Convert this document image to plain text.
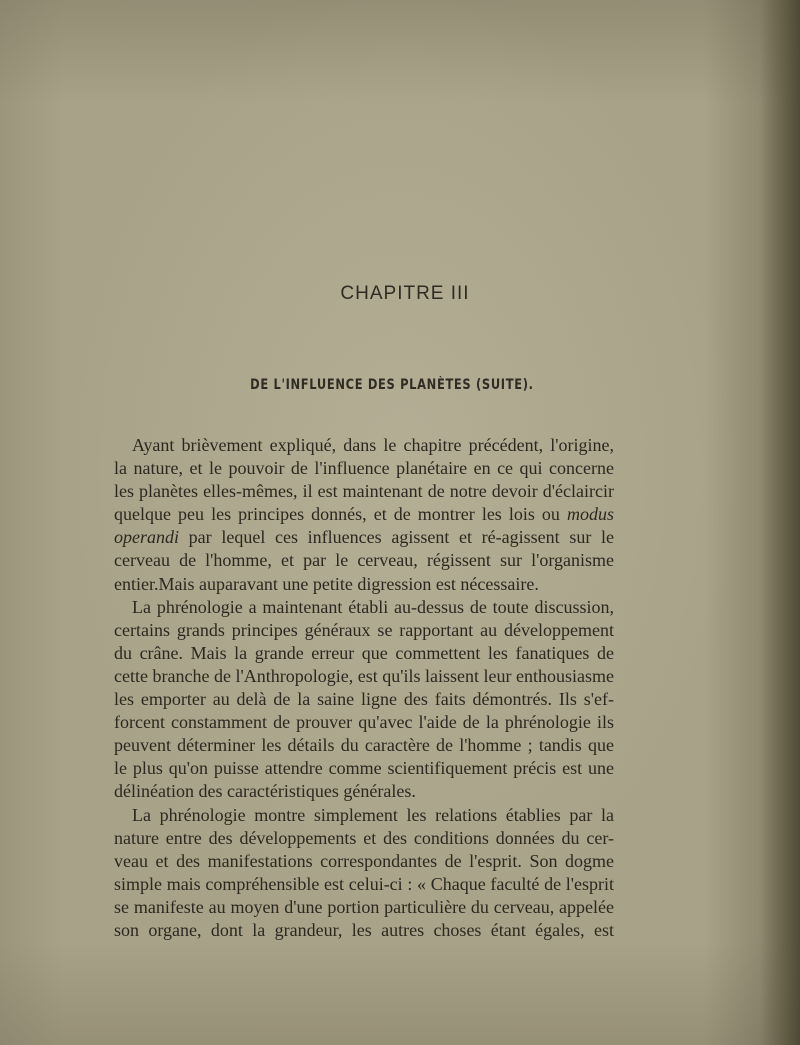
CHAPITRE III
DE L'INFLUENCE DES PLANÈTES (SUITE).
Ayant brièvement expliqué, dans le chapitre précédent, l'origine,
la nature, et le pouvoir de l'influence planétaire en ce qui concerne
les planètes elles-mêmes, il est maintenant de notre devoir d'éclaircir
quelque peu les principes donnés, et de montrer les lois ou modus
operandi par lequel ces influences agissent et ré-agissent sur le
cerveau de l'homme, et par le cerveau, régissent sur l'organisme
entier.Mais auparavant une petite digression est nécessaire.
La phrénologie a maintenant établi au-dessus de toute discussion,
certains grands principes généraux se rapportant au développement
du crâne. Mais la grande erreur que commettent les fanatiques de
cette branche de l'Anthropologie, est qu'ils laissent leur enthousiasme
les emporter au delà de la saine ligne des faits démontrés. Ils s'ef-
forcent constamment de prouver qu'avec l'aide de la phrénologie ils
peuvent déterminer les détails du caractère de l'homme ; tandis que
le plus qu'on puisse attendre comme scientifiquement précis est une
délinéation des caractéristiques générales.
La phrénologie montre simplement les relations établies par la
nature entre des développements et des conditions données du cer-
veau et des manifestations correspondantes de l'esprit. Son dogme
simple mais compréhensible est celui-ci : « Chaque faculté de l'esprit
se manifeste au moyen d'une portion particulière du cerveau, appelée
son organe, dont la grandeur, les autres choses étant égales, est
